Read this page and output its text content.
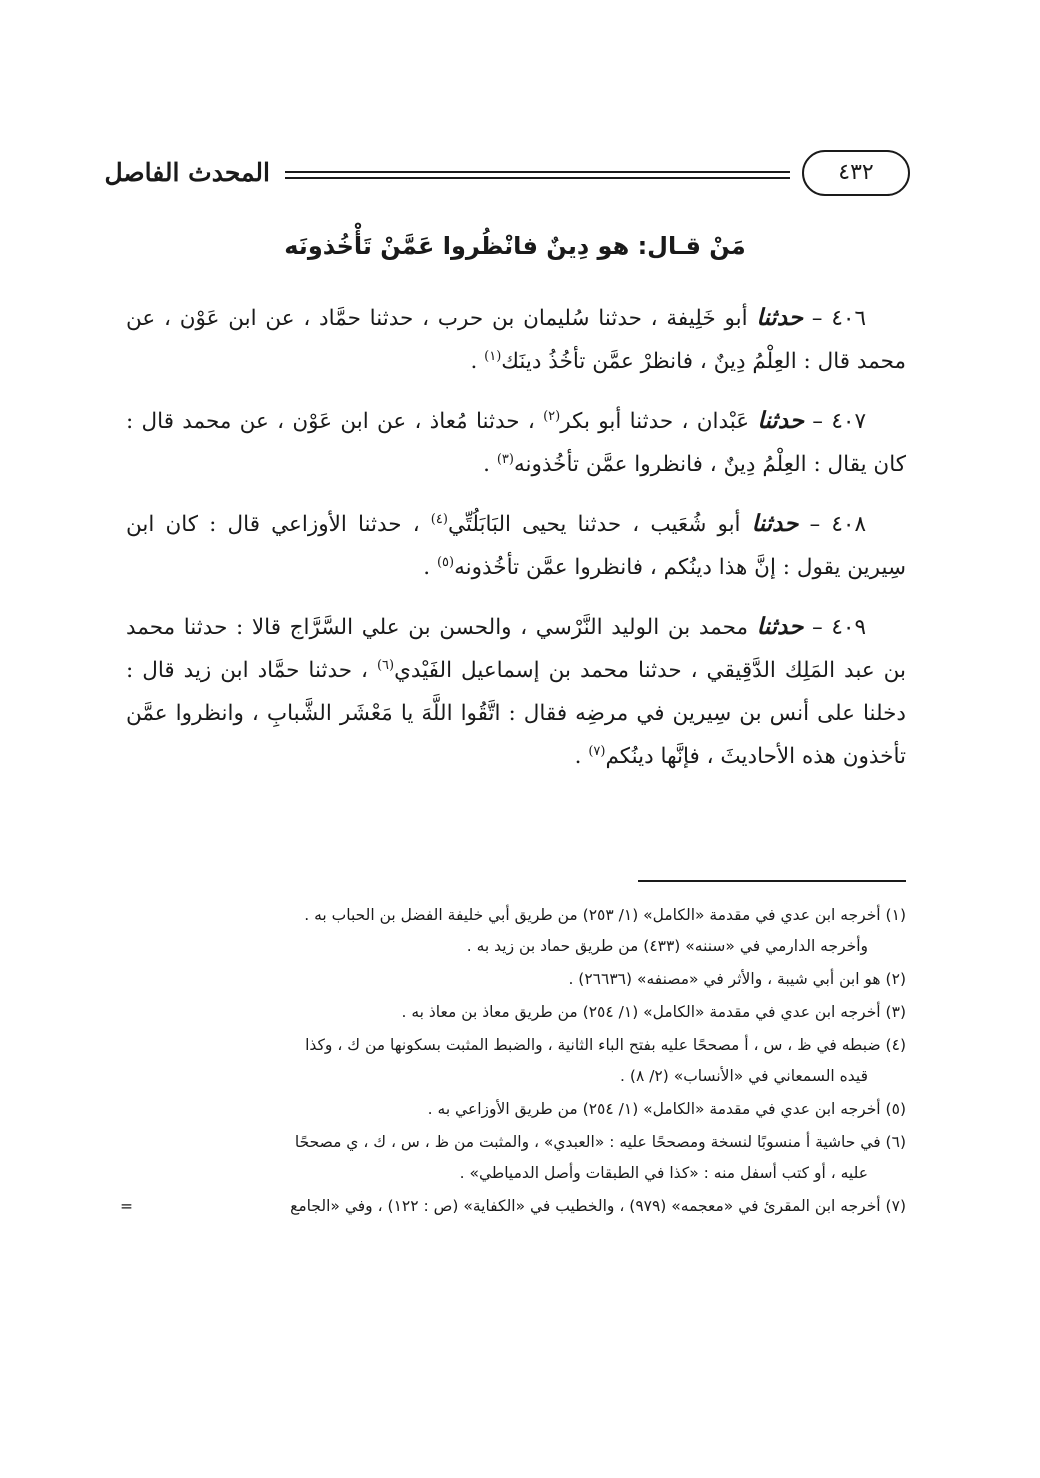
المحدث الفاصل	٤٣٢
مَنْ قـال: هو دِينٌ فانْظُروا عَمَّنْ تَأْخُذونَه

٤٠٦ – حدثنا أبو خَلِيفة ، حدثنا سُليمان بن حرب ، حدثنا حمَّاد ، عن ابن عَوْن ، عن محمد قال : العِلْمُ دِينٌ ، فانظرْ عمَّن تأخُذُ دينَك$^{(١)}$ .

٤٠٧ – حدثنا عَبْدان ، حدثنا أبو بكر$^{(٢)}$ ، حدثنا مُعاذ ، عن ابن عَوْن ، عن محمد قال : كان يقال : العِلْمُ دِينٌ ، فانظروا عمَّن تأخُذونه$^{(٣)}$ .

٤٠٨ – حدثنا أبو شُعَيب ، حدثنا يحيى البَابَلُتِّي$^{(٤)}$ ، حدثنا الأوزاعي قال : كان ابن سِيرين يقول : إنَّ هذا دينُكم ، فانظروا عمَّن تأخُذونه$^{(٥)}$ .

٤٠٩ – حدثنا محمد بن الوليد النَّرْسي ، والحسن بن علي السَّرَّاج قالا : حدثنا محمد بن عبد المَلِك الدَّقِيقي ، حدثنا محمد بن إسماعيل الفَيْدي$^{(٦)}$ ، حدثنا حمَّاد ابن زيد قال : دخلنا على أنس بن سِيرين في مرضِه فقال : اتَّقُوا اللَّهَ يا مَعْشَر الشَّبابِ ، وانظروا عمَّن تأخذون هذه الأحاديثَ ، فإنَّها دينُكم$^{(٧)}$ .

(١) أخرجه ابن عدي في مقدمة «الكامل» (١/ ٢٥٣) من طريق أبي خليفة الفضل بن الحباب به .
وأخرجه الدارمي في «سننه» (٤٣٣) من طريق حماد بن زيد به .

(٢) هو ابن أبي شيبة ، والأثر في «مصنفه» (٢٦٦٣٦) .

(٣) أخرجه ابن عدي في مقدمة «الكامل» (١/ ٢٥٤) من طريق معاذ بن معاذ به .

(٤) ضبطه في ظ ، س ، أ مصححًا عليه بفتح الباء الثانية ، والضبط المثبت بسكونها من ك ، وكذا
قيده السمعاني في «الأنساب» (٢/ ٨) .

(٥) أخرجه ابن عدي في مقدمة «الكامل» (١/ ٢٥٤) من طريق الأوزاعي به .

(٦) في حاشية أ منسوبًا لنسخة ومصححًا عليه : «العبدي» ، والمثبت من ظ ، س ، ك ، ي مصححًا
عليه ، أو كتب أسفل منه : «كذا في الطبقات وأصل الدمياطي» .

(٧) أخرجه ابن المقرئ في «معجمه» (٩٧٩) ، والخطيب في «الكفاية» (ص : ١٢٢) ، وفي «الجامع
=
